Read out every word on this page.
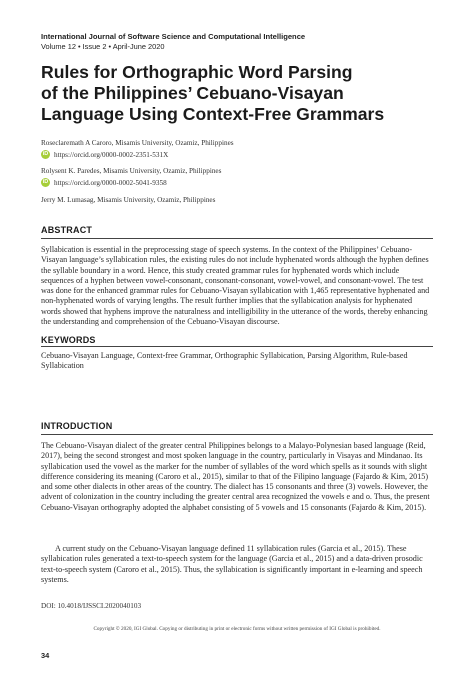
International Journal of Software Science and Computational Intelligence
Volume 12 • Issue 2 • April-June 2020
Rules for Orthographic Word Parsing
of the Philippines’ Cebuano-Visayan
Language Using Context-Free Grammars
Roseclaremath A Caroro, Misamis University, Ozamiz, Philippines
iD https://orcid.org/0000-0002-2351-531X
Rolysent K. Paredes, Misamis University, Ozamiz, Philippines
iD https://orcid.org/0000-0002-5041-9358
Jerry M. Lumasag, Misamis University, Ozamiz, Philippines
ABSTRACT

Syllabication is essential in the preprocessing stage of speech systems. In the context of the Philippines’ Cebuano-Visayan language’s syllabication rules, the existing rules do not include hyphenated words although the hyphen defines the syllable boundary in a word. Hence, this study created grammar rules for hyphenated words which include sequences of a hyphen between vowel-consonant, consonant-consonant, vowel-vowel, and consonant-vowel. The test was done for the enhanced grammar rules for Cebuano-Visayan syllabication with 1,465 representative hyphenated and non-hyphenated words of varying lengths. The result further implies that the syllabication analysis for hyphenated words showed that hyphens improve the naturalness and intelligibility in the utterance of the words, thereby enhancing the understanding and comprehension of the Cebuano-Visayan discourse.

KEYWORDS

Cebuano-Visayan Language, Context-free Grammar, Orthographic Syllabication, Parsing Algorithm, Rule-based Syllabication

INTRODUCTION

The Cebuano-Visayan dialect of the greater central Philippines belongs to a Malayo-Polynesian based language (Reid, 2017), being the second strongest and most spoken language in the country, particularly in Visayas and Mindanao. Its syllabication used the vowel as the marker for the number of syllables of the word which spells as it sounds with slight difference considering its meaning (Caroro et al., 2015), similar to that of the Filipino language (Fajardo & Kim, 2015) and some other dialects in other areas of the country. The dialect has 15 consonants and three (3) vowels. However, the advent of colonization in the country including the greater central area recognized the vowels e and o. Thus, the present Cebuano-Visayan orthography adopted the alphabet consisting of 5 vowels and 15 consonants (Fajardo & Kim, 2015).

A current study on the Cebuano-Visayan language defined 11 syllabication rules (Garcia et al., 2015). These syllabication rules generated a text-to-speech system for the language (Garcia et al., 2015) and a data-driven prosodic text-to-speech system (Caroro et al., 2015). Thus, the syllabication is significantly important in e-learning and speech systems.

DOI: 10.4018/IJSSCI.2020040103
Copyright © 2020, IGI Global. Copying or distributing in print or electronic forms without written permission of IGI Global is prohibited.
34
